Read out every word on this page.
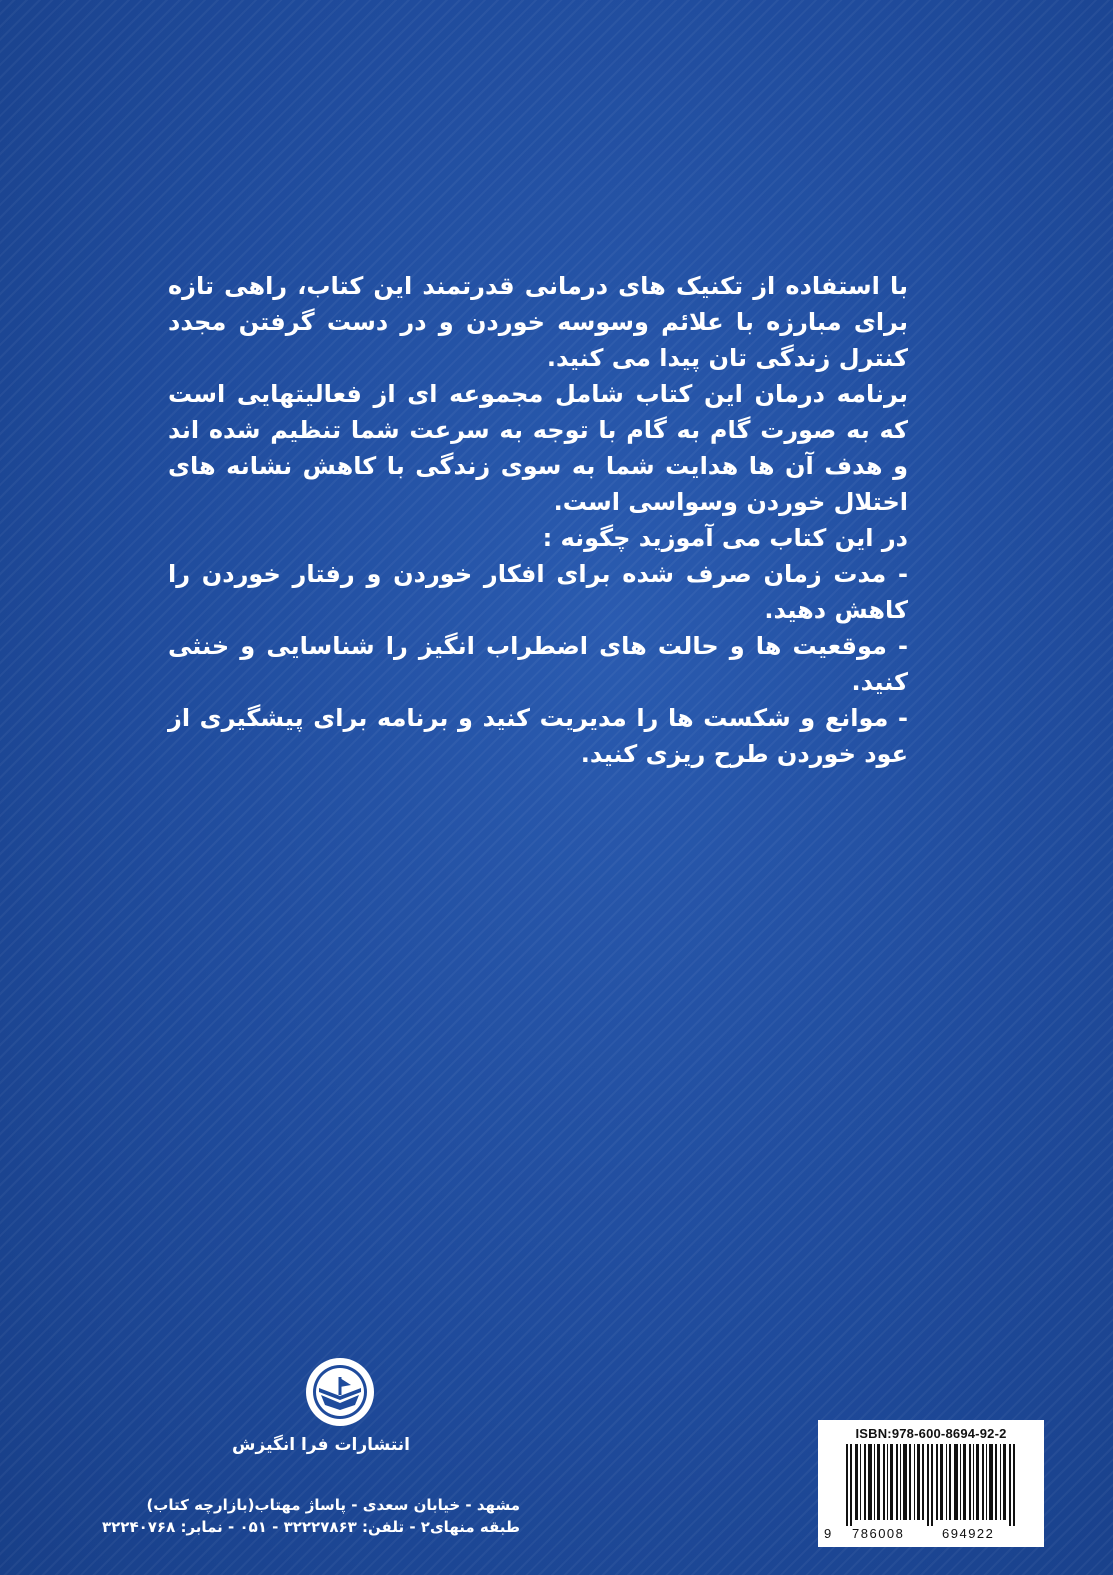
با استفاده از تکنیک های درمانی قدرتمند این کتاب، راهی تازه برای مبارزه با علائم وسوسه خوردن و در دست گرفتن مجدد کنترل زندگی تان پیدا می کنید.

برنامه درمان این کتاب شامل مجموعه ای از فعالیتهایی است که به صورت گام به گام با توجه به سرعت شما تنظیم شده اند و هدف آن ها هدایت شما به سوی زندگی با کاهش نشانه های اختلال خوردن وسواسی است.

در این کتاب می آموزید چگونه :

- مدت زمان صرف شده برای افکار خوردن و رفتار خوردن را کاهش دهید.

- موقعیت ها و حالت های اضطراب انگیز را شناسایی و خنثی کنید.

- موانع و شکست ها را مدیریت کنید و برنامه برای پیشگیری از عود خوردن طرح ریزی کنید.

انتشارات فرا انگیزش
مشهد - خیابان سعدی - پاساژ مهتاب(بازارچه کتاب)
طبقه منهای۲ - تلفن: ۳۲۲۲۷۸۶۳ - ۰۵۱ - نمابر: ۳۲۲۴۰۷۶۸
ISBN:978-600-8694-92-2
9 786008	694922
